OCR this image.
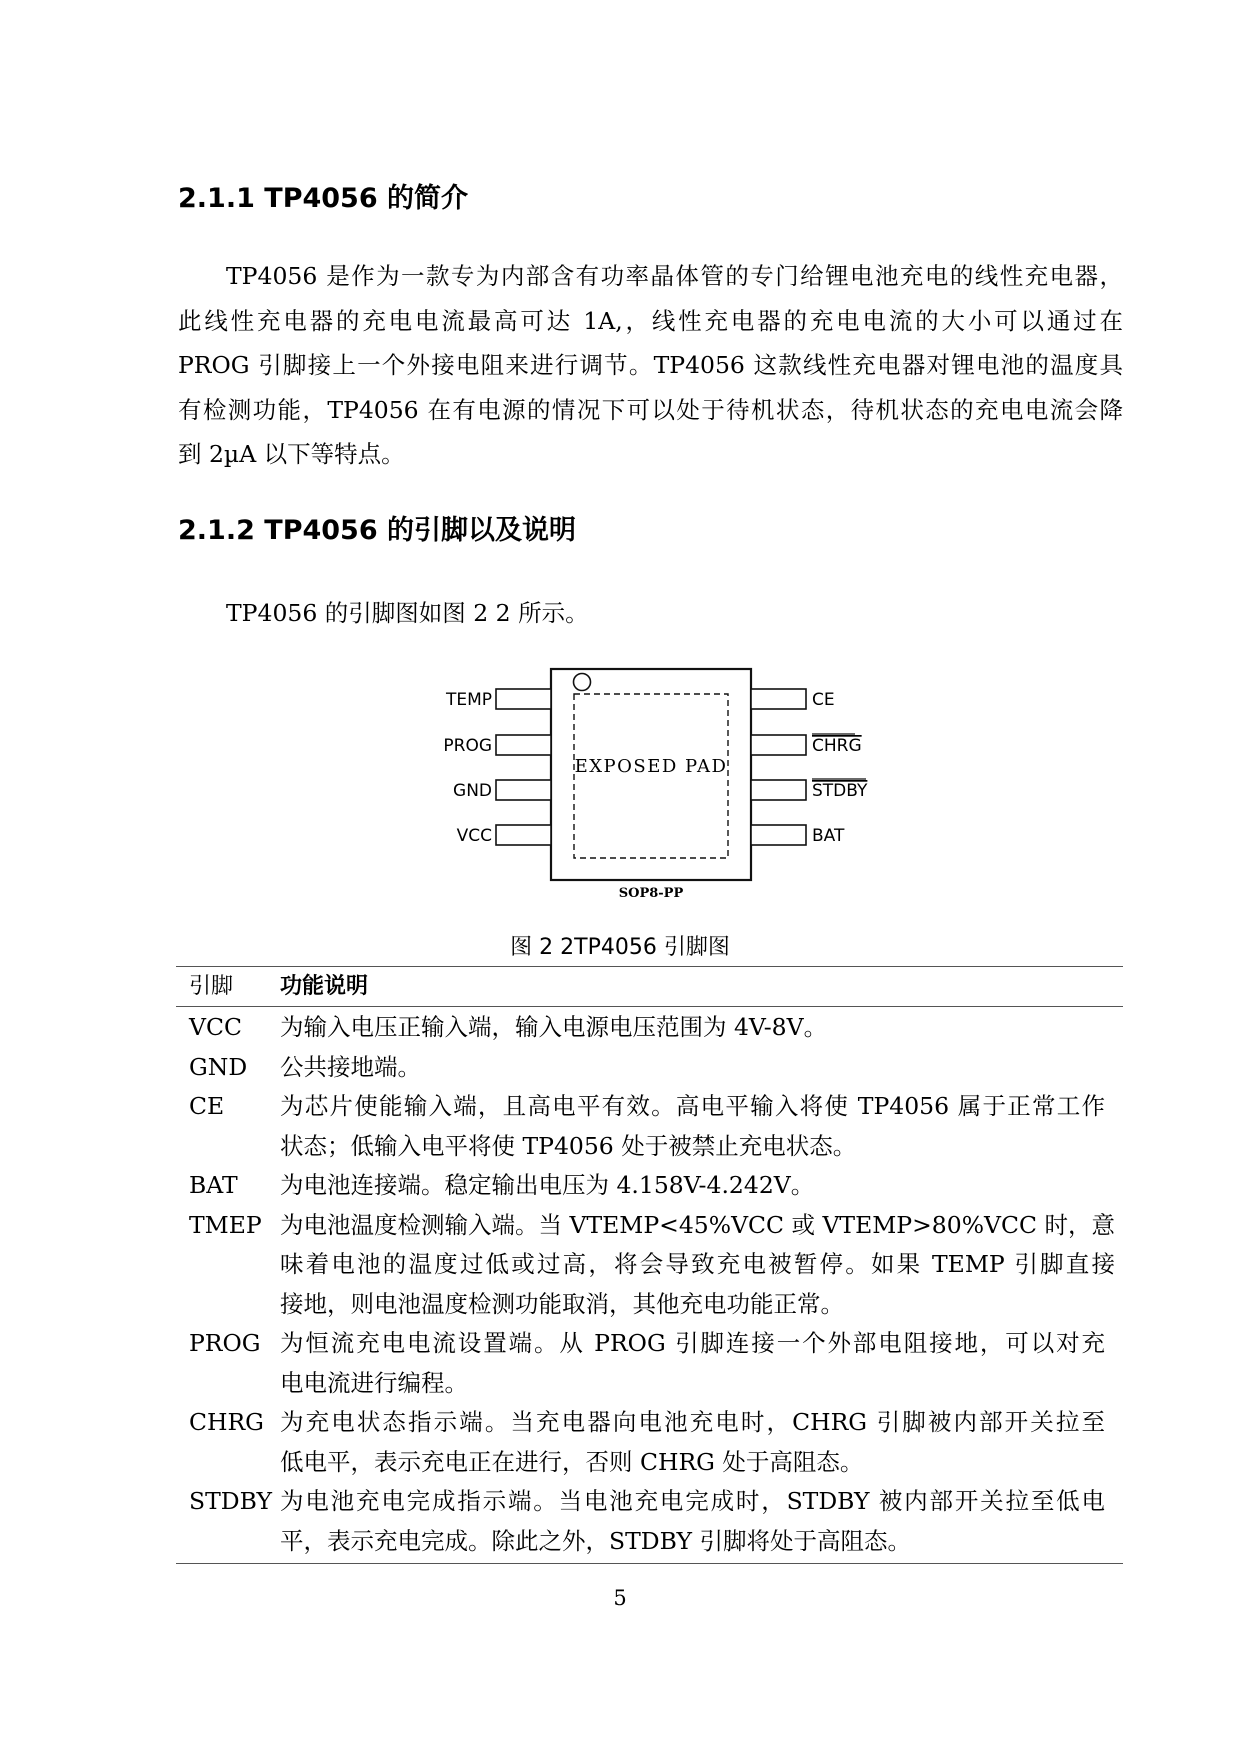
2.1.1 TP4056 的简介

TP4056 是作为一款专为内部含有功率晶体管的专门给锂电池充电的线性充电器，
此线性充电器的充电电流最高可达 1A,，线性充电器的充电电流的大小可以通过在
PROG 引脚接上一个外接电阻来进行调节。TP4056 这款线性充电器对锂电池的温度具
有检测功能，TP4056 在有电源的情况下可以处于待机状态，待机状态的充电电流会降
到 2µA 以下等特点。

2.1.2 TP4056 的引脚以及说明

TP4056 的引脚图如图 2 2 所示。

EXPOSED PAD
TEMP
PROG
GND
VCC
CE
CHRG
STDBY
BAT
SOP8-PP
图 2 2TP4056 引脚图
引脚	功能说明
VCC	为输入电压正输入端，输入电源电压范围为 4V-8V。
GND	公共接地端。
CE	为芯片使能输入端，且高电平有效。高电平输入将使 TP4056 属于正常工作
状态；低输入电平将使 TP4056 处于被禁止充电状态。
BAT	为电池连接端。稳定输出电压为 4.158V-4.242V。
TMEP 为电池温度检测输入端。当 VTEMP<45%VCC 或 VTEMP>80%VCC 时，意
味着电池的温度过低或过高，将会导致充电被暂停。如果 TEMP 引脚直接
接地，则电池温度检测功能取消，其他充电功能正常。
PROG 为恒流充电电流设置端。从 PROG 引脚连接一个外部电阻接地，可以对充
电电流进行编程。
CHRG 为充电状态指示端。当充电器向电池充电时，CHRG 引脚被内部开关拉至
低电平，表示充电正在进行，否则 CHRG 处于高阻态。
STDBY 为电池充电完成指示端。当电池充电完成时，STDBY 被内部开关拉至低电
平，表示充电完成。除此之外，STDBY 引脚将处于高阻态。
5
